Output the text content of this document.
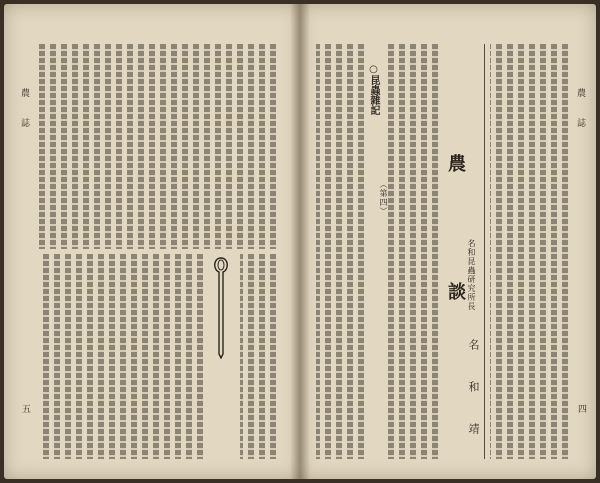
農　誌
五
○昆蟲雜記
（第四）	農　談 名和昆蟲研究所長
名　和　靖
農　誌
四
